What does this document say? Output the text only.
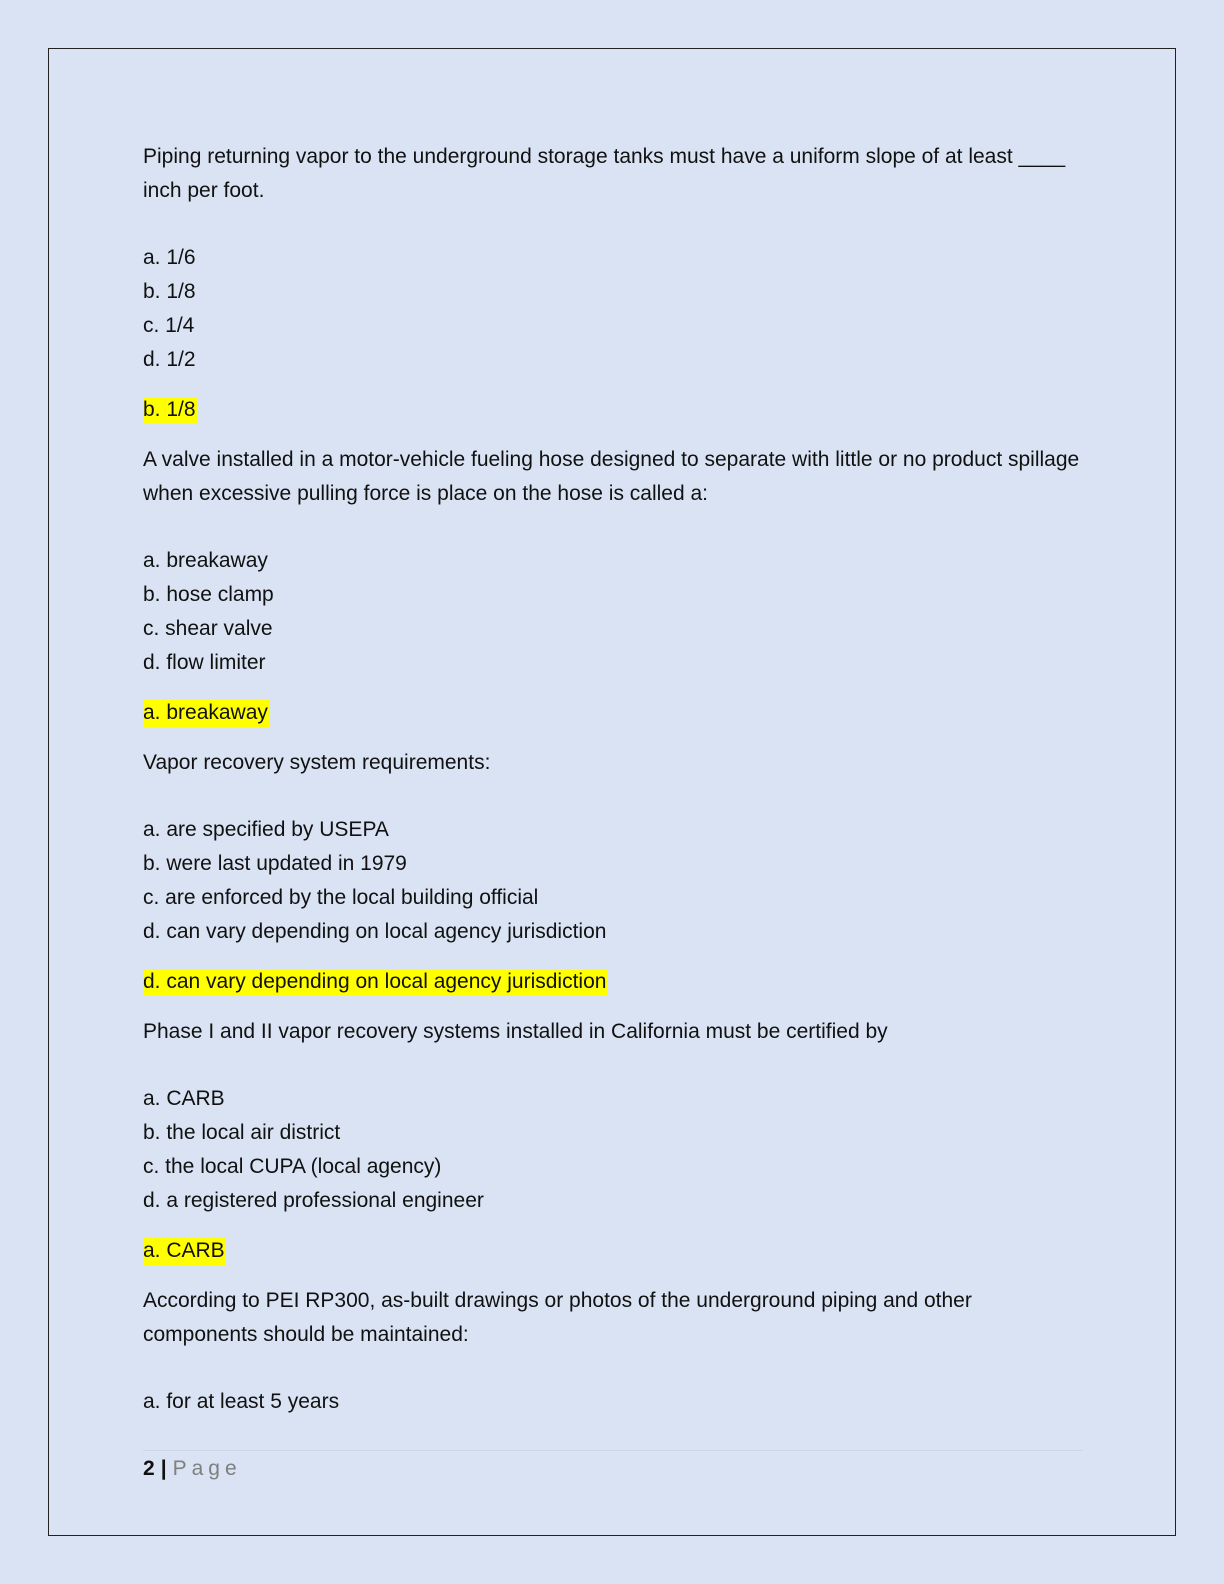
Piping returning vapor to the underground storage tanks must have a uniform slope of at least ____ inch per foot.

a. 1/6
b. 1/8
c. 1/4
d. 1/2
b. 1/8

A valve installed in a motor-vehicle fueling hose designed to separate with little or no product spillage when excessive pulling force is place on the hose is called a:

a. breakaway
b. hose clamp
c. shear valve
d. flow limiter
a. breakaway

Vapor recovery system requirements:

a. are specified by USEPA
b. were last updated in 1979
c. are enforced by the local building official
d. can vary depending on local agency jurisdiction
d. can vary depending on local agency jurisdiction

Phase I and II vapor recovery systems installed in California must be certified by

a. CARB
b. the local air district
c. the local CUPA (local agency)
d. a registered professional engineer
a. CARB

According to PEI RP300, as-built drawings or photos of the underground piping and other components should be maintained:

a. for at least 5 years
2 | Page
